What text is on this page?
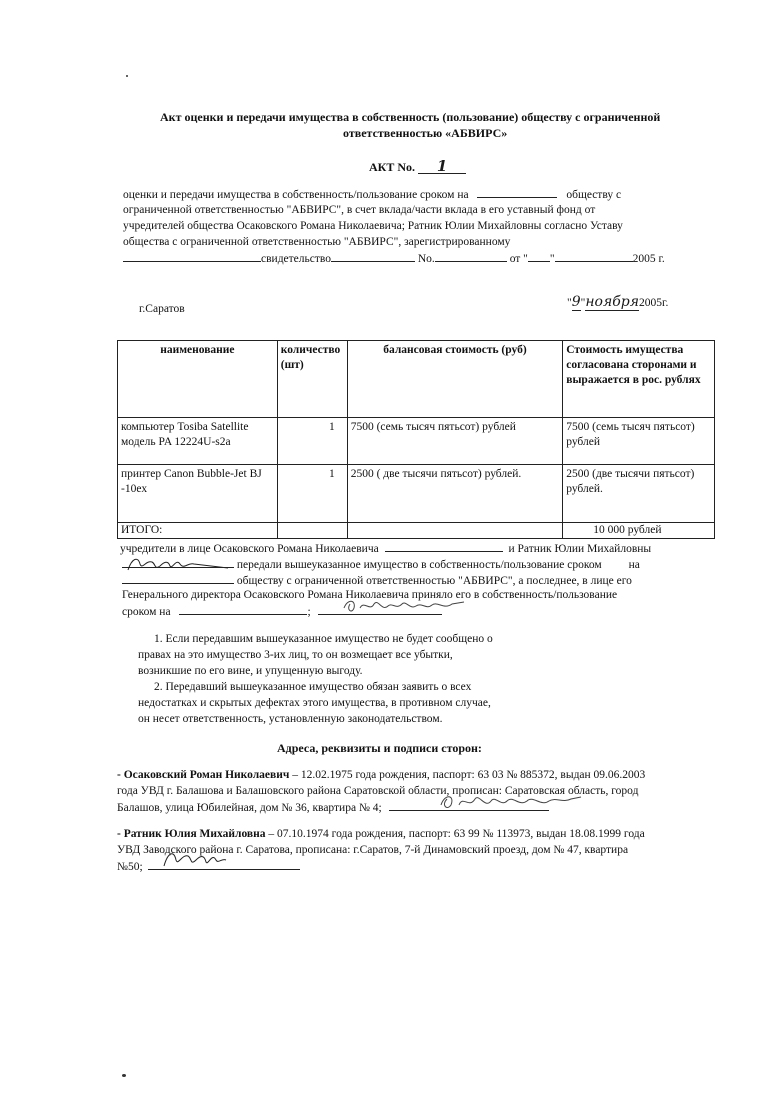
Акт оценки и передачи имущества в собственность (пользование) обществу с ограниченной
ответственностью «АБВИРС»
АКТ No. 1
оценки и передачи имущества в собственность/пользование сроком на	обществу с
ограниченной ответственностью "АБВИРС", в счет вклада/части вклада в его уставный фонд от
учредителей общества Осаковского Романа Николаевича; Ратник Юлии Михайловны согласно Уставу
общества с ограниченной ответственностью "АБВИРС", зарегистрированному
свидетельство	No.	от " "	2005 г.
г.Саратов	"9"ноября2005г.
наименование	количество (шт)	балансовая стоимость (руб)	Стоимость имущества согласована сторонами и выражается в рос. рублях
компьютер Tosiba Satellite модель PA 12224U-s2a	1	7500 (семь тысяч пятьсот) рублей	7500 (семь тысяч пятьсот) рублей
принтер Canon Bubble-Jet BJ -10ex	1	2500 ( две тысячи пятьсот) рублей.	2500 (две тысячи пятьсот) рублей.
ИТОГО:			10 000 рублей
учредители в лице Осаковского Романа Николаевича	и Ратник Юлии Михайловны
передали вышеуказанное имущество в собственность/пользование сроком на
обществу с ограниченной ответственностью "АБВИРС", а последнее, в лице его
Генерального директора Осаковского Романа Николаевича приняло его в собственность/пользование
сроком на	;
1. Если передавшим вышеуказанное имущество не будет сообщено о
правах на это имущество 3-их лиц, то он возмещает все убытки,
возникшие по его вине, и упущенную выгоду.
2. Передавший вышеуказанное имущество обязан заявить о всех
недостатках и скрытых дефектах этого имущества, в противном случае,
он несет ответственность, установленную законодательством.
Адреса, реквизиты и подписи сторон:
- Осаковский Роман Николаевич – 12.02.1975 года рождения, паспорт: 63 03 № 885372, выдан 09.06.2003
года УВД г. Балашова и Балашовского района Саратовской области, прописан: Саратовская область, город
Балашов, улица Юбилейная, дом № 36, квартира № 4;
- Ратник Юлия Михайловна – 07.10.1974 года рождения, паспорт: 63 99 № 113973, выдан 18.08.1999 года
УВД Заводского района г. Саратова, прописана: г.Саратов, 7-й Динамовский проезд, дом № 47, квартира
№50;
